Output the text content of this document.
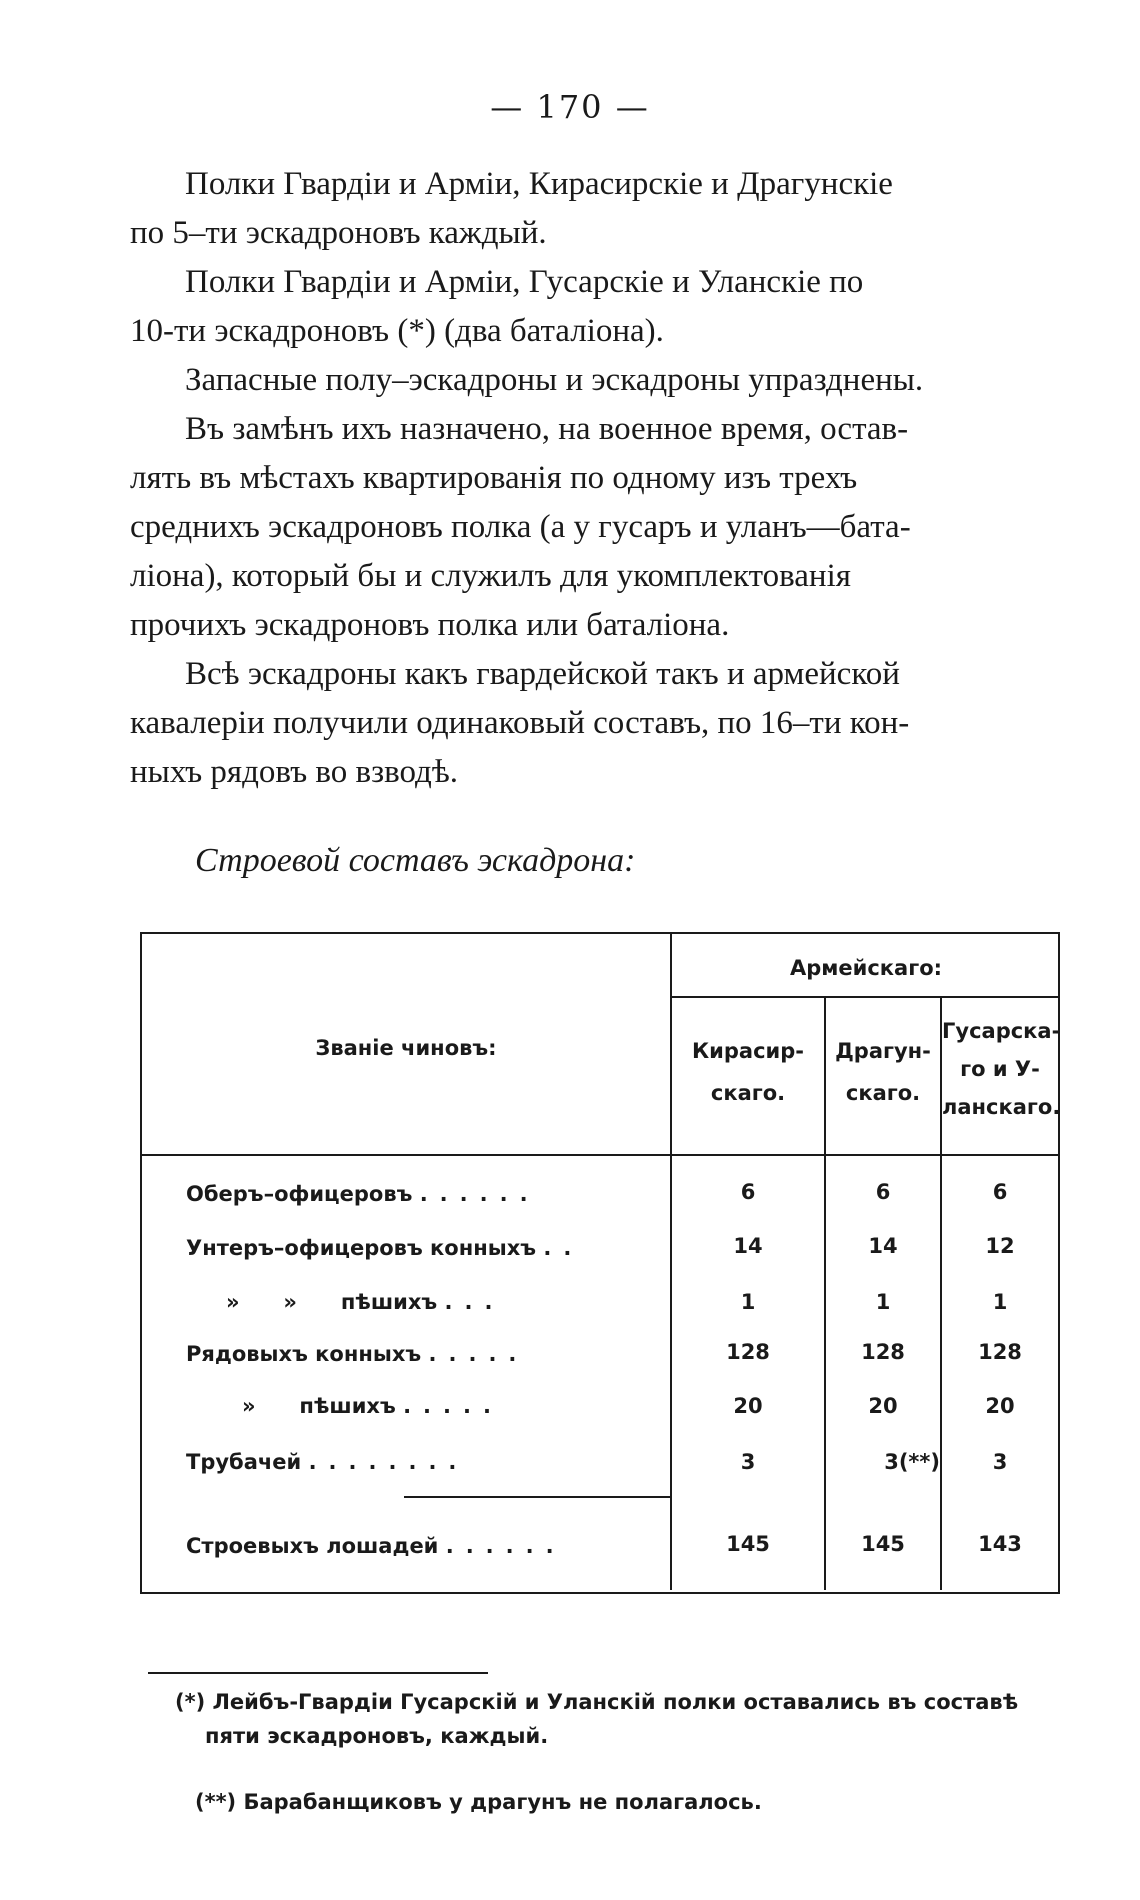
— 170 —

Полки Гвардіи и Арміи, Кирасирскіе и Драгунскіе
по 5–ти эскадроновъ каждый.

Полки Гвардіи и Арміи, Гусарскіе и Уланскіе по
10-ти эскадроновъ (*) (два баталіона).

Запасные полу–эскадроны и эскадроны упразднены.

Въ замѣнъ ихъ назначено, на военное время, остав-
лять въ мѣстахъ квартированія по одному изъ трехъ
среднихъ эскадроновъ полка (а у гусаръ и уланъ—бата-
ліона), который бы и служилъ для укомплектованія
прочихъ эскадроновъ полка или баталіона.

Всѣ эскадроны какъ гвардейской такъ и армейской
кавалеріи получили одинаковый составъ, по 16–ти кон-
ныхъ рядовъ во взводѣ.

Строевой составъ эскадрона:
Званіе чиновъ:
Армейскаго:
Кирасир-
скаго.
Драгун-
скаго.
Гусарска-
го и У-
ланскаго.
Оберъ–офицеровъ ......	6	6	6
Унтеръ–офицеровъ конныхъ ..	14	14	12
»      »      пѣшихъ ...	1	1	1
Рядовыхъ конныхъ .....	128	128	128
»      пѣшихъ .....	20	20	20
Трубачей ........	3	3(**)	3
Строевыхъ лошадей ......	145	145	143
(*) Лейбъ-Гвардіи Гусарскій и Уланскій полки оставались въ составѣ
пяти эскадроновъ, каждый.
(**) Барабанщиковъ у драгунъ не полагалось.
